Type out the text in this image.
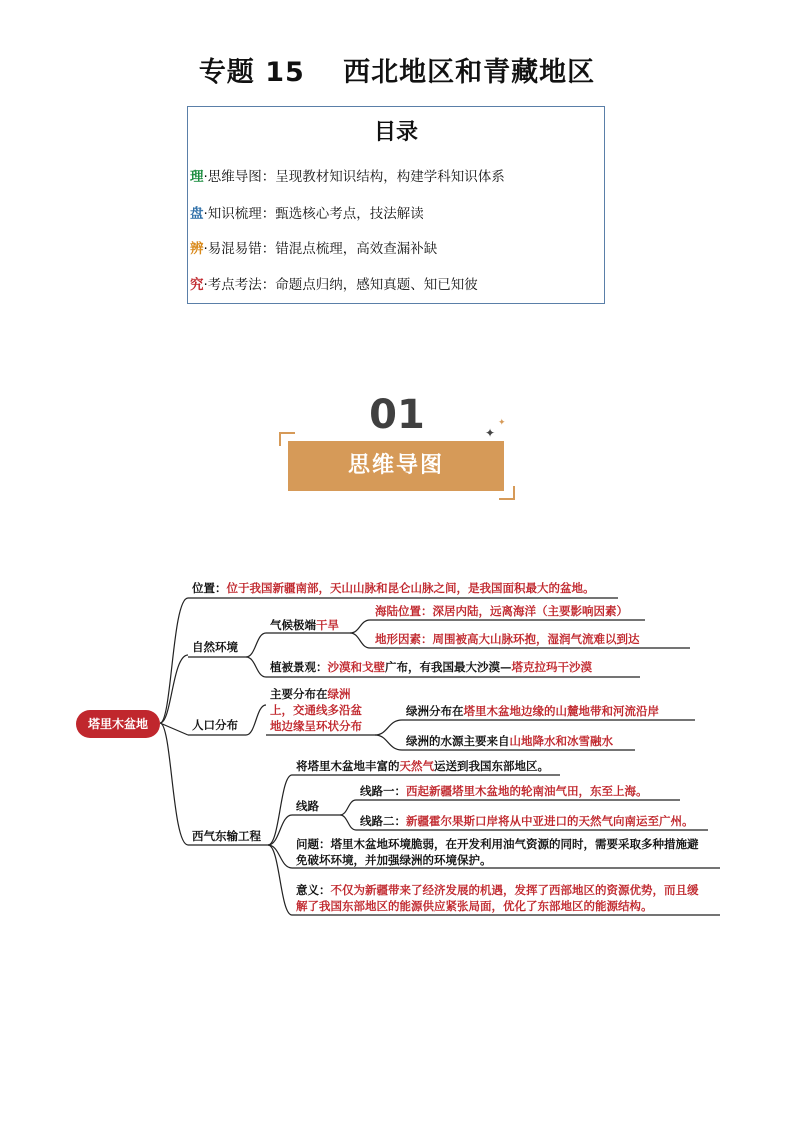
专题 15　 西北地区和青藏地区
目录
理·思维导图：呈现教材知识结构，构建学科知识体系
盘·知识梳理：甄选核心考点，技法解读
辨·易混易错：错混点梳理，高效查漏补缺
究·考点考法：命题点归纳，感知真题、知已知彼
01	✦
✦
思维导图
塔里木盆地
位置：位于我国新疆南部，天山山脉和昆仑山脉之间，是我国面积最大的盆地。
自然环境
气候极端干旱
海陆位置：深居内陆，远离海洋（主要影响因素）
地形因素：周围被高大山脉环抱，湿润气流难以到达
植被景观：沙漠和戈壁广布，有我国最大沙漠—塔克拉玛干沙漠
人口分布
主要分布在绿洲
上，交通线多沿盆
地边缘呈环状分布
绿洲分布在塔里木盆地边缘的山麓地带和河流沿岸
绿洲的水源主要来自山地降水和冰雪融水
西气东输工程
将塔里木盆地丰富的天然气运送到我国东部地区。
线路
线路一：西起新疆塔里木盆地的轮南油气田，东至上海。
线路二：新疆霍尔果斯口岸将从中亚进口的天然气向南运至广州。
问题：塔里木盆地环境脆弱，在开发利用油气资源的同时，需要采取多种措施避
免破坏环境，并加强绿洲的环境保护。
意义：不仅为新疆带来了经济发展的机遇，发挥了西部地区的资源优势，而且缓
解了我国东部地区的能源供应紧张局面，优化了东部地区的能源结构。
